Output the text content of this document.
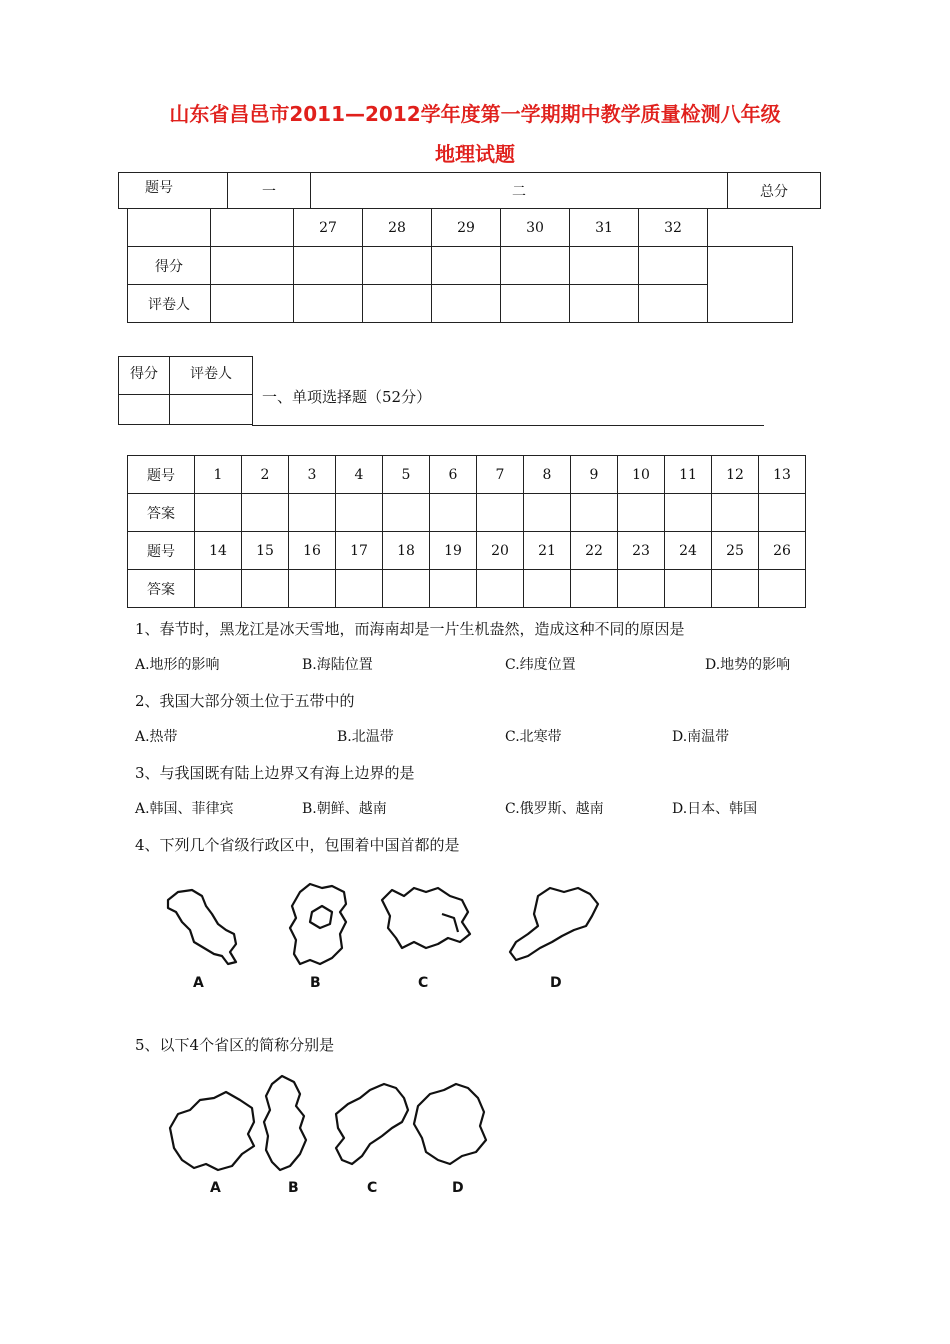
山东省昌邑市2011—2012学年度第一学期期中教学质量检测八年级
地理试题
题号	一	二	总分
		27	28	29	30	31	32	
得分								
评卷人								
得分	评卷人

一、单项选择题（52分）
题号	1	2	3	4	5	6	7	8	9	10	11	12	13
答案													
题号	14	15	16	17	18	19	20	21	22	23	24	25	26
答案													
1、春节时，黑龙江是冰天雪地，而海南却是一片生机盎然，造成这种不同的原因是
A.地形的影响	B.海陆位置	C.纬度位置	D.地势的影响
2、我国大部分领土位于五带中的
A.热带	B.北温带	C.北寒带	D.南温带
3、与我国既有陆上边界又有海上边界的是
A.韩国、菲律宾	B.朝鲜、越南	C.俄罗斯、越南	D.日本、韩国
4、下列几个省级行政区中，包围着中国首都的是
A	B	C	D
5、以下4个省区的简称分别是
A	B	C	D
